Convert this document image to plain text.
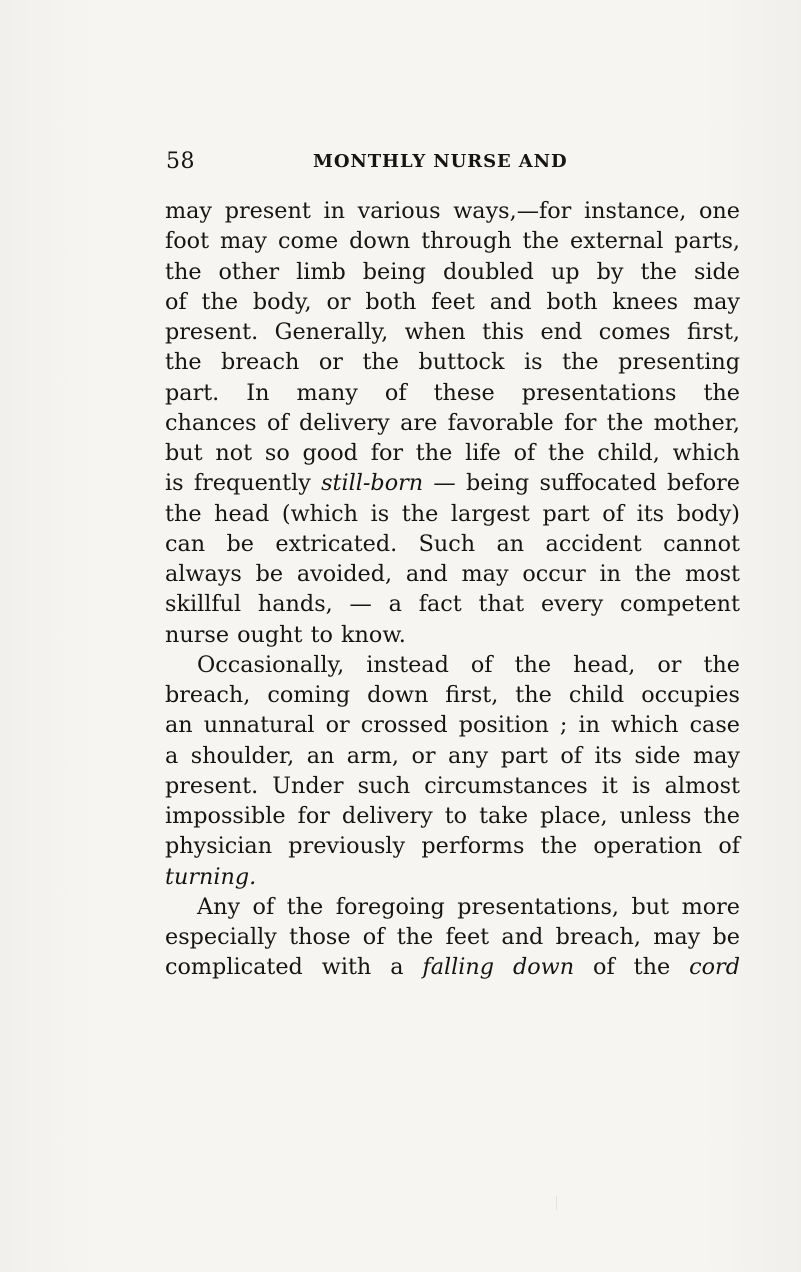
58	MONTHLY NURSE AND
may present in various ways,—for instance, one
foot may come down through the external parts,
the other limb being doubled up by the side
of the body, or both feet and both knees may
present. Generally, when this end comes first,
the breach or the buttock is the presenting
part. In many of these presentations the
chances of delivery are favorable for the mother,
but not so good for the life of the child, which
is frequently still-born — being suffocated before
the head (which is the largest part of its body)
can be extricated. Such an accident cannot
always be avoided, and may occur in the most
skillful hands, — a fact that every competent
nurse ought to know.
Occasionally, instead of the head, or the
breach, coming down first, the child occupies
an unnatural or crossed position ; in which case
a shoulder, an arm, or any part of its side may
present. Under such circumstances it is almost
impossible for delivery to take place, unless the
physician previously performs the operation of
turning.
Any of the foregoing presentations, but more
especially those of the feet and breach, may be
complicated with a falling down of the cord
